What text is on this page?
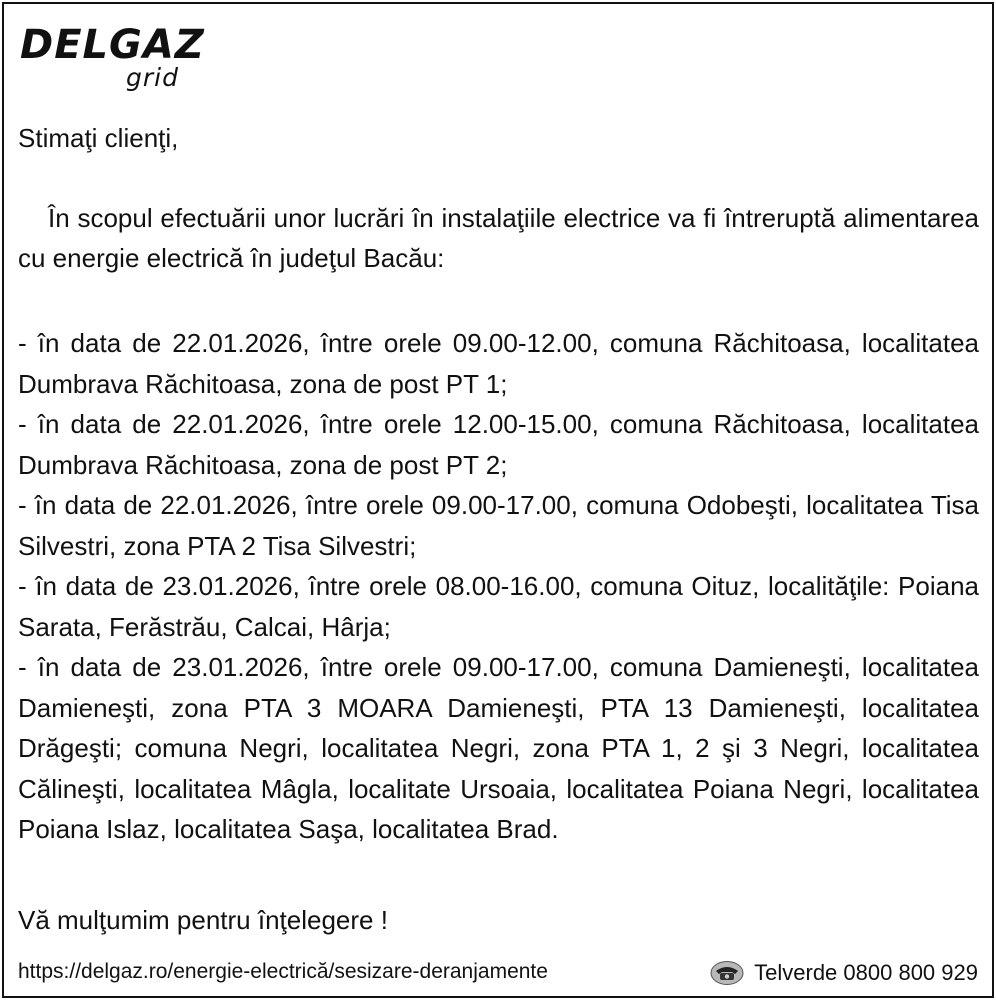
DELGAZ
grid
Stimaţi clienţi,
În scopul efectuării unor lucrări în instalaţiile electrice va fi întreruptă alimentarea cu energie electrică în judeţul Bacău:
- în data de 22.01.2026, între orele 09.00-12.00, comuna Răchitoasa, localitatea Dumbrava Răchitoasa, zona de post PT 1;
- în data de 22.01.2026, între orele 12.00-15.00, comuna Răchitoasa, localitatea Dumbrava Răchitoasa, zona de post PT 2;
- în data de 22.01.2026, între orele 09.00-17.00, comuna Odobeşti, localitatea Tisa Silvestri, zona PTA 2 Tisa Silvestri;
- în data de 23.01.2026, între orele 08.00-16.00, comuna Oituz, localităţile: Poiana Sarata, Ferăstrău, Calcai, Hârja;
- în data de 23.01.2026, între orele 09.00-17.00, comuna Damieneşti, localitatea Damieneşti, zona PTA 3 MOARA Damieneşti, PTA 13 Damieneşti, localitatea Drăgeşti; comuna Negri, localitatea Negri, zona PTA 1, 2 şi 3 Negri, localitatea Călineşti, localitatea Mâgla, localitate Ursoaia, localitatea Poiana Negri, localitatea Poiana Islaz, localitatea Saşa, localitatea Brad.
Vă mulţumim pentru înţelegere !
https://delgaz.ro/energie-electrică/sesizare-deranjamente	Telverde 0800 800 929
